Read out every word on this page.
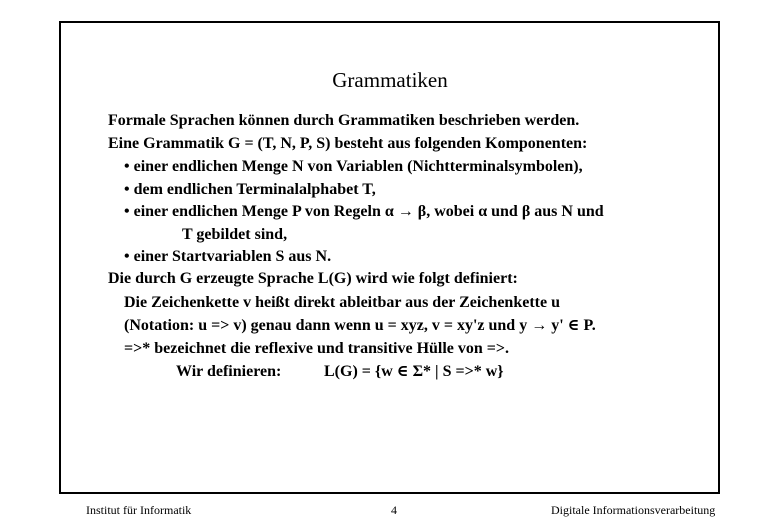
Grammatiken
Formale Sprachen können durch Grammatiken beschrieben werden.
Eine Grammatik G = (T, N, P, S) besteht aus folgenden Komponenten:
• einer endlichen Menge N von Variablen (Nichtterminalsymbolen),
• dem endlichen Terminalalphabet T,
• einer endlichen Menge P von Regeln α → β, wobei α und β aus N und
T gebildet sind,
• einer Startvariablen S aus N.
Die durch G erzeugte Sprache L(G) wird wie folgt definiert:
Die Zeichenkette v heißt direkt ableitbar aus der Zeichenkette u
(Notation: u => v) genau dann wenn u = xyz, v = xy'z und y → y' ∈ P.
=>* bezeichnet die reflexive und transitive Hülle von =>.
Wir definieren:	L(G) = {w ∈ Σ* | S =>* w}
Institut für Informatik	4	Digitale Informationsverarbeitung
